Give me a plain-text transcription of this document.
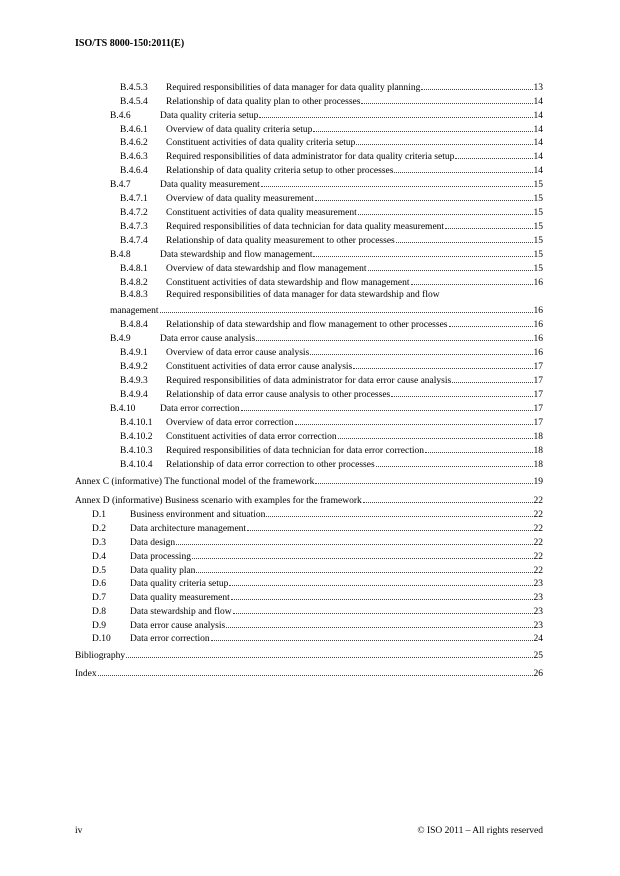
ISO/TS 8000-150:2011(E)
B.4.5.3	Required responsibilities of data manager for data quality planning	13
B.4.5.4	Relationship of data quality plan to other processes	14
B.4.6	Data quality criteria setup	14
B.4.6.1	Overview of data quality criteria setup	14
B.4.6.2	Constituent activities of data quality criteria setup	14
B.4.6.3	Required responsibilities of data administrator for data quality criteria setup	14
B.4.6.4	Relationship of data quality criteria setup to other processes	14
B.4.7	Data quality measurement	15
B.4.7.1	Overview of data quality measurement	15
B.4.7.2	Constituent activities of data quality measurement	15
B.4.7.3	Required responsibilities of data technician for data quality measurement	15
B.4.7.4	Relationship of data quality measurement to other processes	15
B.4.8	Data stewardship and flow management	15
B.4.8.1	Overview of data stewardship and flow management	15
B.4.8.2	Constituent activities of data stewardship and flow management	16
B.4.8.3	Required responsibilities of data manager for data stewardship and flow
management	16
B.4.8.4	Relationship of data stewardship and flow management to other processes	16
B.4.9	Data error cause analysis	16
B.4.9.1	Overview of data error cause analysis	16
B.4.9.2	Constituent activities of data error cause analysis	17
B.4.9.3	Required responsibilities of data administrator for data error cause analysis	17
B.4.9.4	Relationship of data error cause analysis to other processes	17
B.4.10	Data error correction	17
B.4.10.1	Overview of data error correction	17
B.4.10.2	Constituent activities of data error correction	18
B.4.10.3	Required responsibilities of data technician for data error correction	18
B.4.10.4	Relationship of data error correction to other processes	18
Annex C (informative) The functional model of the framework	19
Annex D (informative) Business scenario with examples for the framework	22
D.1	Business environment and situation	22
D.2	Data architecture management	22
D.3	Data design	22
D.4	Data processing	22
D.5	Data quality plan	22
D.6	Data quality criteria setup	23
D.7	Data quality measurement	23
D.8	Data stewardship and flow	23
D.9	Data error cause analysis	23
D.10	Data error correction	24
Bibliography	25
Index	26
iv	© ISO 2011 – All rights reserved
